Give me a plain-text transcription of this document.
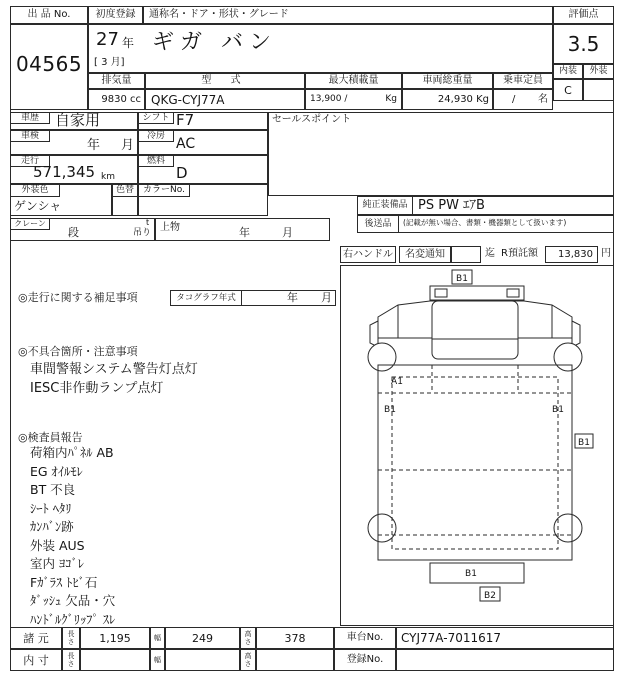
出 品 No.
04565
初度登録	通称名・ドア・形状・グレード	評価点
27 年
[ 3 月]
ギガ バン	3.5
内装	外装
C
排気量	型 式	最大積載量	車両総重量	乗車定員
9830 cc QKG-CYJ77A	13,900 /	Kg	24,930 Kg	/ 名
車歴	自家用	シフト F7
車検
年 月
冷房
AC
走行
571,345 km
燃料
D
セールスポイント
外装色
ゲンシャ
色替	カラーNo.
純正装備品 PS PW ｴｱB
後送品	(記載が無い場合、書類・機器類として扱います)
クレーン
段
t
吊り 上物	年	月
右ハンドル	名変通知	迄 R預託額	13,830 円
◎走行に関する補足事項	タコグラフ年式	年 月
◎不具合箇所・注意事項
車間警報システム警告灯点灯
IESC非作動ランプ点灯
◎検査員報告
荷箱内ﾊﾟﾈﾙ AB
EG ｵｲﾙﾓﾚ
BT 不良
ｼｰﾄ ﾍﾀﾘ
ｶﾝﾊﾞﾝ跡
外装 AUS
室内 ﾖｺﾞﾚ
Fｶﾞﾗｽ ﾄﾋﾞ石
ﾀﾞｯｼｭ 欠品・穴
ﾊﾝﾄﾞﾙｸﾞﾘｯﾌﾟ ｽﾚ
B1
A1
B1	B1
B1
B1
B2
諸 元	長さ	1,195	幅	249	高さ	378	車台No.	CYJ77A-7011617
内 寸	長さ	幅	高さ	登録No.
